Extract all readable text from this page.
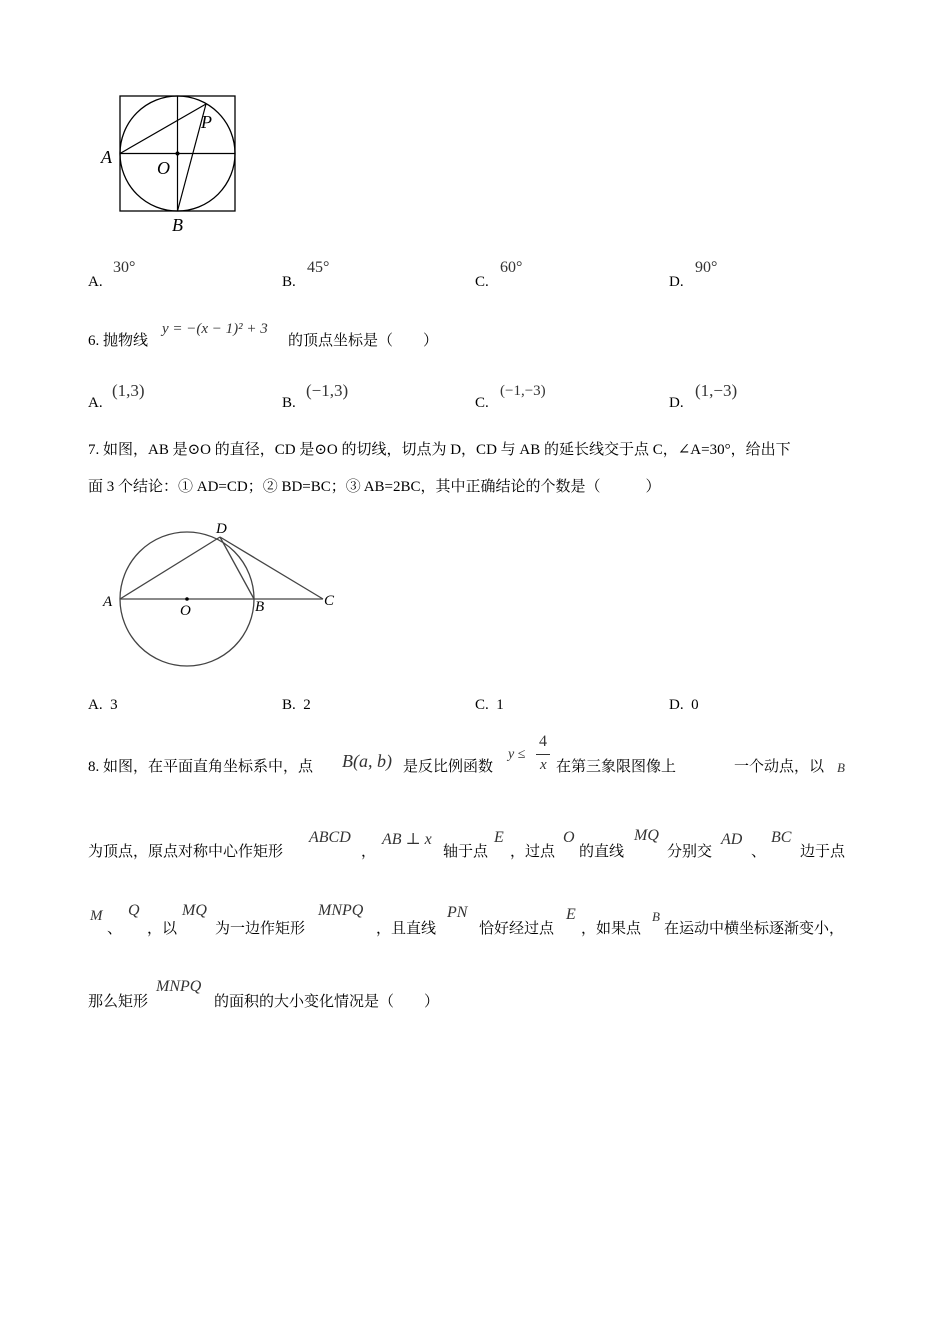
A
O
P
B
A.
30°
B.
45°
C.
60°
D.
90°
6. 抛物线
y = −(x − 1)² + 3
的顶点坐标是（　　）
A.
(1,3)
B.
(−1,3)
C.
(−1,−3)
D.
(1,−3)
7. 如图，AB 是⊙O 的直径，CD 是⊙O 的切线，切点为 D，CD 与 AB 的延长线交于点 C，∠A=30°，给出下
面 3 个结论：① AD=CD；② BD=BC；③ AB=2BC，其中正确结论的个数是（　　　）
A
O	B	C
D
A. 3	B. 2	C. 1	D. 0
8. 如图，在平面直角坐标系中，点 B(a, b) 是反比例函数
y ≤
4
x 在第三象限图像上	一个动点，以 B
为顶点，原点对称中心作矩形
ABCD
，
AB ⊥ x
轴于点
E
，过点
O
的直线
MQ
分别交
AD
、
BC
边于点
M
、
Q
，以
MQ
为一边作矩形
MNPQ
，且直线
PN
恰好经过点
E
，如果点
B
在运动中横坐标逐渐变小，
那么矩形
MNPQ
的面积的大小变化情况是（　　）
